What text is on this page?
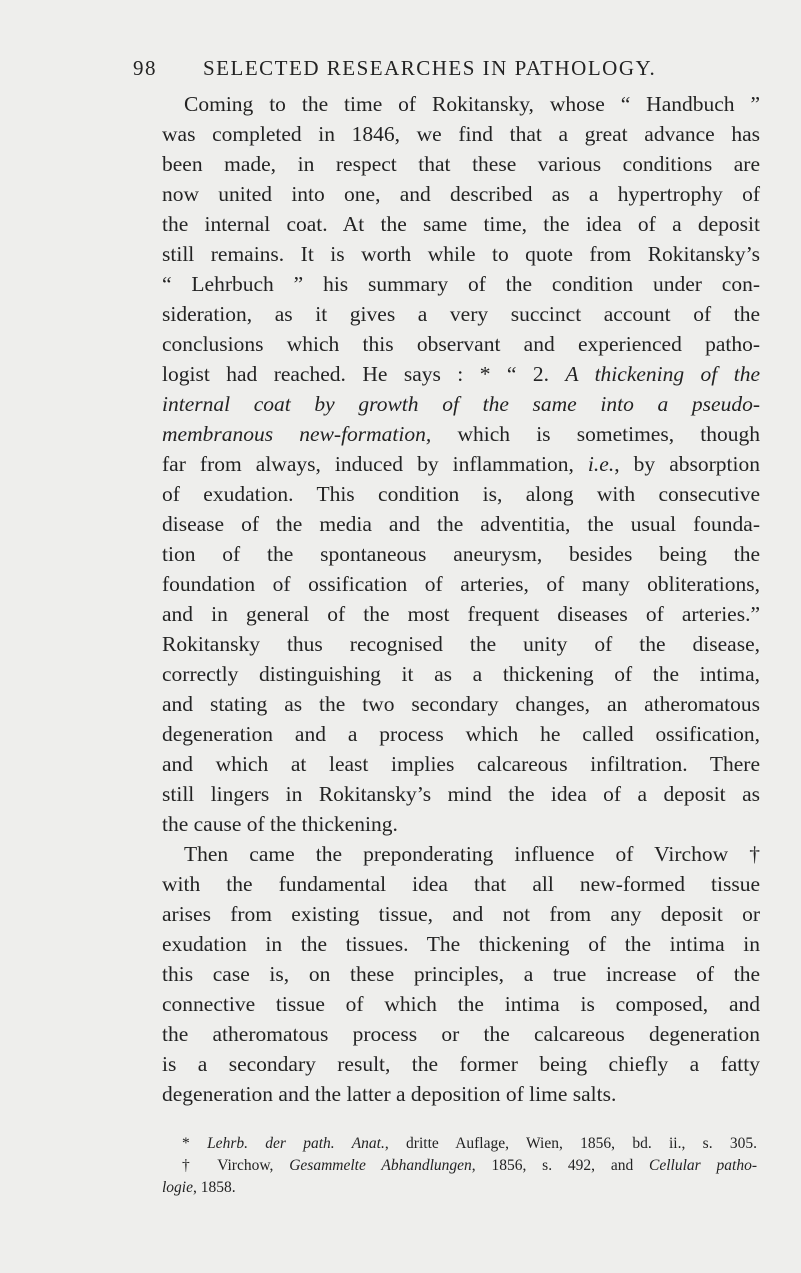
98 SELECTED RESEARCHES IN PATHOLOGY.
Coming to the time of Rokitansky, whose “ Handbuch ”
was completed in 1846, we find that a great advance has
been made, in respect that these various conditions are
now united into one, and described as a hypertrophy of
the internal coat. At the same time, the idea of a deposit
still remains. It is worth while to quote from Rokitansky’s
“ Lehrbuch ” his summary of the condition under con-
sideration, as it gives a very succinct account of the
conclusions which this observant and experienced patho-
logist had reached. He says : * “ 2. A thickening of the
internal coat by growth of the same into a pseudo-
membranous new-formation, which is sometimes, though
far from always, induced by inflammation, i.e., by absorption
of exudation. This condition is, along with consecutive
disease of the media and the adventitia, the usual founda-
tion of the spontaneous aneurysm, besides being the
foundation of ossification of arteries, of many obliterations,
and in general of the most frequent diseases of arteries.”
Rokitansky thus recognised the unity of the disease,
correctly distinguishing it as a thickening of the intima,
and stating as the two secondary changes, an atheromatous
degeneration and a process which he called ossification,
and which at least implies calcareous infiltration. There
still lingers in Rokitansky’s mind the idea of a deposit as
the cause of the thickening.
Then came the preponderating influence of Virchow †
with the fundamental idea that all new-formed tissue
arises from existing tissue, and not from any deposit or
exudation in the tissues. The thickening of the intima in
this case is, on these principles, a true increase of the
connective tissue of which the intima is composed, and
the atheromatous process or the calcareous degeneration
is a secondary result, the former being chiefly a fatty
degeneration and the latter a deposition of lime salts.
* Lehrb. der path. Anat., dritte Auflage, Wien, 1856, bd. ii., s. 305.
† Virchow, Gesammelte Abhandlungen, 1856, s. 492, and Cellular patho-
logie, 1858.
